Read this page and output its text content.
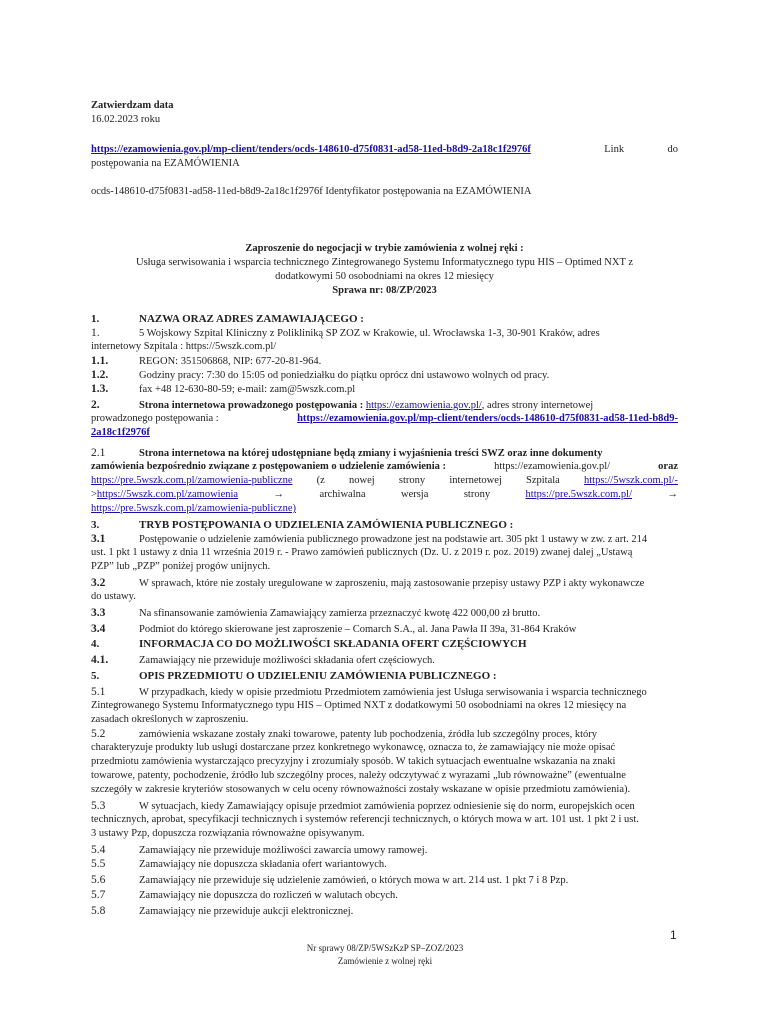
Zatwierdzam data
16.02.2023 roku
https://ezamowienia.gov.pl/mp-client/tenders/ocds-148610-d75f0831-ad58-11ed-b8d9-2a18c1f2976f	Link	do
postępowania na EZAMÓWIENIA
ocds-148610-d75f0831-ad58-11ed-b8d9-2a18c1f2976f Identyfikator postępowania na EZAMÓWIENIA
Zaproszenie do negocjacji w trybie zamówienia z wolnej ręki :
Usługa serwisowania i wsparcia technicznego Zintegrowanego Systemu Informatycznego typu HIS – Optimed NXT z
dodatkowymi 50 osobodniami na okres 12 miesięcy
Sprawa nr: 08/ZP/2023
1.	NAZWA ORAZ ADRES ZAMAWIAJĄCEGO :
1.	5 Wojskowy Szpital Kliniczny z Polikliniką SP ZOZ w Krakowie, ul. Wrocławska 1-3, 30-901 Kraków, adres
internetowy Szpitala : https://5wszk.com.pl/
1.1.	REGON: 351506868, NIP: 677-20-81-964.
1.2.	Godziny pracy: 7:30 do 15:05 od poniedziałku do piątku oprócz dni ustawowo wolnych od pracy.
1.3.	fax +48 12-630-80-59; e-mail: zam@5wszk.com.pl
2.	Strona internetowa prowadzonego postępowania : https://ezamowienia.gov.pl/, adres strony internetowej
prowadzonego postępowania :	https://ezamowienia.gov.pl/mp-client/tenders/ocds-148610-d75f0831-ad58-11ed-b8d9-
2a18c1f2976f
2.1	Strona internetowa na której udostępniane będą zmiany i wyjaśnienia treści SWZ oraz inne dokumenty
zamówienia bezpośrednio związane z postępowaniem o udzielenie zamówienia :	https://ezamowienia.gov.pl/	oraz
https://pre.5wszk.com.pl/zamowienia-publiczne (z nowej strony internetowej Szpitala https://5wszk.com.pl/-
>https://5wszk.com.pl/zamowienia	→	archiwalna	wersja	strony	https://pre.5wszk.com.pl/	→
https://pre.5wszk.com.pl/zamowienia-publiczne)
3.	TRYB POSTĘPOWANIA O UDZIELENIA ZAMÓWIENIA PUBLICZNEGO :
3.1	Postępowanie o udzielenie zamówienia publicznego prowadzone jest na podstawie art. 305 pkt 1 ustawy w zw. z art. 214
ust. 1 pkt 1 ustawy z dnia 11 września 2019 r. - Prawo zamówień publicznych (Dz. U. z 2019 r. poz. 2019) zwanej dalej „Ustawą
PZP” lub „PZP” poniżej progów unijnych.
3.2	W sprawach, które nie zostały uregulowane w zaproszeniu, mają zastosowanie przepisy ustawy PZP i akty wykonawcze
do ustawy.
3.3	Na sfinansowanie zamówienia Zamawiający zamierza przeznaczyć kwotę 422 000,00 zł brutto.
3.4	Podmiot do którego skierowane jest zaproszenie – Comarch S.A., al. Jana Pawła II 39a, 31-864 Kraków
4.	INFORMACJA CO DO MOŻLIWOŚCI SKŁADANIA OFERT CZĘŚCIOWYCH
4.1.	Zamawiający nie przewiduje możliwości składania ofert częściowych.
5.	OPIS PRZEDMIOTU O UDZIELENIU ZAMÓWIENIA PUBLICZNEGO :
5.1	W przypadkach, kiedy w opisie przedmiotu Przedmiotem zamówienia jest Usługa serwisowania i wsparcia technicznego
Zintegrowanego Systemu Informatycznego typu HIS – Optimed NXT z dodatkowymi 50 osobodniami na okres 12 miesięcy na
zasadach określonych w zaproszeniu.
5.2	zamówienia wskazane zostały znaki towarowe, patenty lub pochodzenia, źródła lub szczególny proces, który
charakteryzuje produkty lub usługi dostarczane przez konkretnego wykonawcę, oznacza to, że zamawiający nie może opisać
przedmiotu zamówienia wystarczająco precyzyjny i zrozumiały sposób. W takich sytuacjach ewentualne wskazania na znaki
towarowe, patenty, pochodzenie, źródło lub szczególny proces, należy odczytywać z wyrazami „lub równoważne” (ewentualne
szczegóły w zakresie kryteriów stosowanych w celu oceny równoważności zostały wskazane w opisie przedmiotu zamówienia).
5.3	W sytuacjach, kiedy Zamawiający opisuje przedmiot zamówienia poprzez odniesienie się do norm, europejskich ocen
technicznych, aprobat, specyfikacji technicznych i systemów referencji technicznych, o których mowa w art. 101 ust. 1 pkt 2 i ust.
3 ustawy Pzp, dopuszcza rozwiązania równoważne opisywanym.
5.4	Zamawiający nie przewiduje możliwości zawarcia umowy ramowej.
5.5	Zamawiający nie dopuszcza składania ofert wariantowych.
5.6	Zamawiający nie przewiduje się udzielenie zamówień, o których mowa w art. 214 ust. 1 pkt 7 i 8 Pzp.
5.7	Zamawiający nie dopuszcza do rozliczeń w walutach obcych.
5.8	Zamawiający nie przewiduje aukcji elektronicznej.
1
Nr sprawy 08/ZP/5WSzKzP SP–ZOZ/2023
Zamówienie z wolnej ręki
